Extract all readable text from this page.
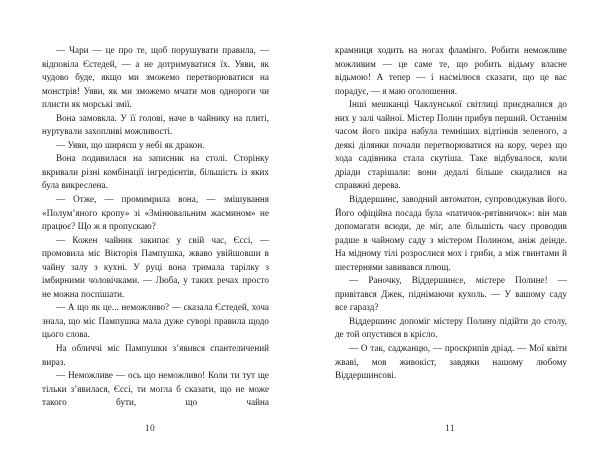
— Чари — це про те, щоб порушувати правила, — відповіла Єстедей, — а не дотримуватися їх. Уяви, як чудово буде, якщо ми зможемо перетворюватися на монстрів! Уяви, як ми зможемо мчати мов однороги чи плисти як морські змії.

Вона замовкла. У її голові, наче в чайнику на плиті, нуртували захопливі можливості.

— Уяви, що ширяєш у небі як дракон.

Вона подивилася на записник на столі. Сторінку вкривали різні комбінації інгредієнтів, більшість із яких була викреслена.

— Отже, — промимрила вона, — змішування «Полум’яного кропу» зі «Змінювальним жасмином» не працює? Що ж я пропускаю?

— Кожен чайник закипає у свій час, Єссі, — промовила міс Вікторія Пампушка, жваво увійшовши в чайну залу з кухні. У руці вона тримала тарілку з імбирними чоловічками. — Люба, у таких речах просто не можна поспішати.

— А що як це... неможливо? — сказала Єстедей, хоча знала, що міс Пампушка мала дуже суворі правила щодо цього слова.

На обличчі міс Пампушки з’явився спантеличений вираз.

— Неможливе — ось що неможливо! Коли ти тут ще тільки з’явилася, Єссі, ти могла б сказати, що не може такого бути, що чайна

10

крамниця ходить на ногах фламінго. Робити неможливе можливим — це саме те, що робить відьму власне відьмою! А тепер — і насмілюся сказати, що це вас порадує, — я маю оголошення.

Інші мешканці Чаклунської світлиці приєдналися до них у залі чайної. Містер Полин прибув перший. Останнім часом його шкіра набула темніших відтінків зеленого, а деякі ділянки почали перетворюватися на кору, через що хода садівника стала скутіша. Таке відбувалося, коли дріади старішали: вони дедалі більше скидалися на справжні дерева.

Віддершинс, заводний автоматон, супроводжував його. Його офіційна посада була «патичок-рятівничок»: він мав допомагати всюди, де міг, але більшість часу проводив радше в чайному саду з містером Полином, аніж деінде. На мідному тілі розрослися мох і гриби, а між гвинтами й шестернями завивався плющ.

— Раночку, Віддершинсе, містере Полине! — привітався Джек, піднімаючи кухоль. — У вашому саду все гаразд?

Віддершинс допоміг містеру Полину підійти до столу, де той опустився в крісло.

— О так, саджанцю, — проскрипів дріад. — Мої квіти жваві, мов живокіст, завдяки нашому любому Віддершинсові.

11
